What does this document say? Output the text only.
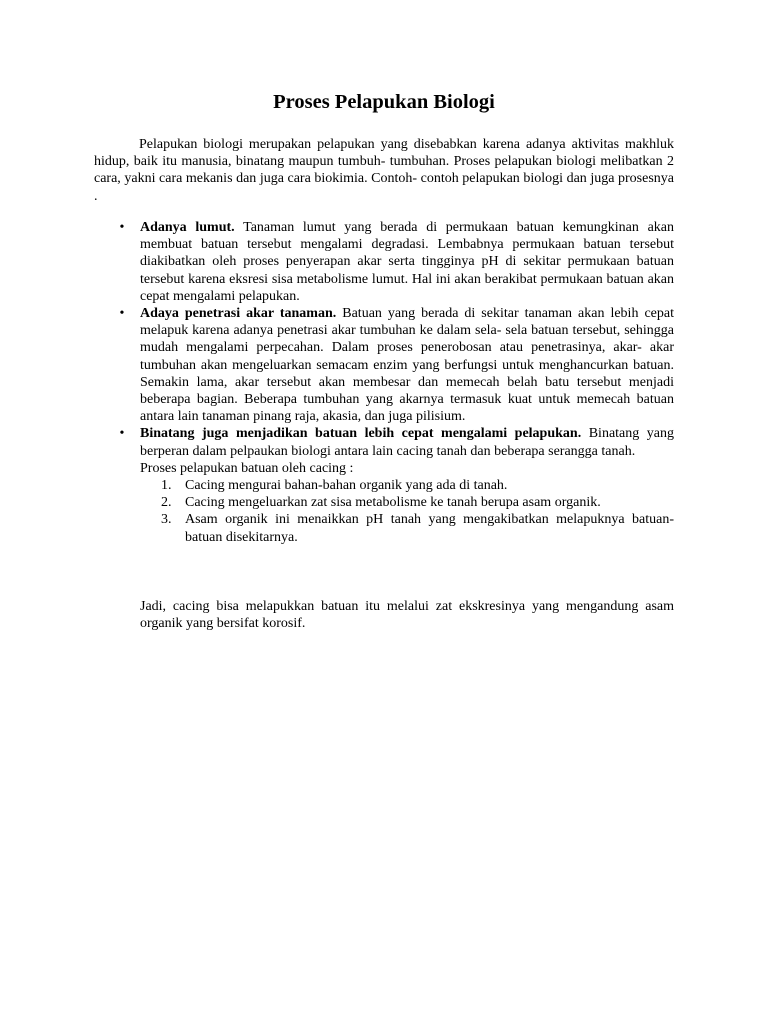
Proses Pelapukan Biologi

Pelapukan biologi merupakan pelapukan yang disebabkan karena adanya aktivitas makhluk hidup, baik itu manusia, binatang maupun tumbuh- tumbuhan. Proses pelapukan biologi melibatkan 2 cara, yakni cara mekanis dan juga cara biokimia. Contoh- contoh pelapukan biologi dan juga prosesnya .

• Adanya lumut. Tanaman lumut yang berada di permukaan batuan kemungkinan akan membuat batuan tersebut mengalami degradasi. Lembabnya permukaan batuan tersebut diakibatkan oleh proses penyerapan akar serta tingginya pH di sekitar permukaan batuan tersebut karena eksresi sisa metabolisme lumut. Hal ini akan berakibat permukaan batuan akan cepat mengalami pelapukan.
• Adaya penetrasi akar tanaman. Batuan yang berada di sekitar tanaman akan lebih cepat melapuk karena adanya penetrasi akar tumbuhan ke dalam sela- sela batuan tersebut, sehingga mudah mengalami perpecahan. Dalam proses penerobosan atau penetrasinya, akar- akar tumbuhan akan mengeluarkan semacam enzim yang berfungsi untuk menghancurkan batuan. Semakin lama, akar tersebut akan membesar dan memecah belah batu tersebut menjadi beberapa bagian. Beberapa tumbuhan yang akarnya termasuk kuat untuk memecah batuan antara lain tanaman pinang raja, akasia, dan juga pilisium.
• Binatang juga menjadikan batuan lebih cepat mengalami pelapukan. Binatang yang berperan dalam pelpaukan biologi antara lain cacing tanah dan beberapa serangga tanah.

Proses pelapukan batuan oleh cacing :

1. Cacing mengurai bahan-bahan organik yang ada di tanah.
2. Cacing mengeluarkan zat sisa metabolisme ke tanah berupa asam organik.
3. Asam organik ini menaikkan pH tanah yang mengakibatkan melapuknya batuan-batuan disekitarnya.

Jadi, cacing bisa melapukkan batuan itu melalui zat ekskresinya yang mengandung asam organik yang bersifat korosif.
